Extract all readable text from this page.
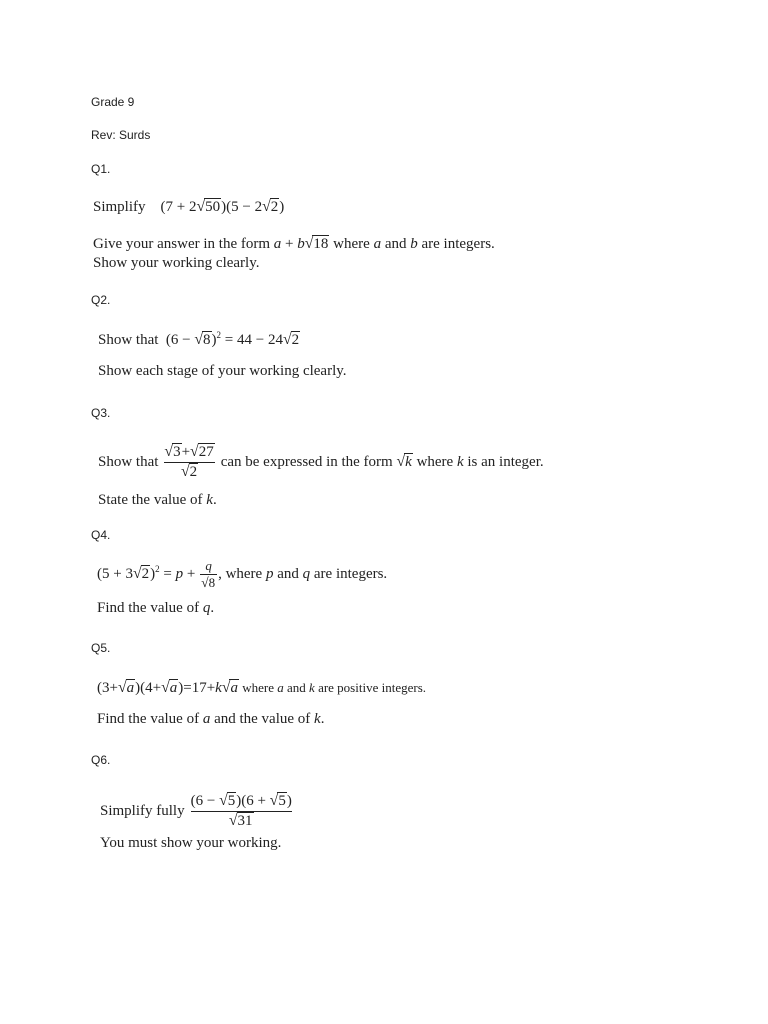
Grade 9
Rev: Surds
Q1.
Simplify (7 + 2√50)(5 − 2√2)
Give your answer in the form a + b√18 where a and b are integers.
Show your working clearly.
Q2.
Show that $(6 - √8)^2 = 44 - 24√2$
Show each stage of your working clearly.
Q3.
Show that $\frac{√3+√27}{√2}$ can be expressed in the form √k where k is an integer.
State the value of k.
Q4.
$(5 + 3√2)^2 = p + \frac{q}{√8}$ , where p and q are integers.
Find the value of q.
Q5.
(3+√a)(4+√a)=17+k√a where a and k are positive integers.
Find the value of a and the value of k.
Q6.
Simplify fully $\frac{(6 - √5)(6 + √5)}{√31}$
You must show your working.
